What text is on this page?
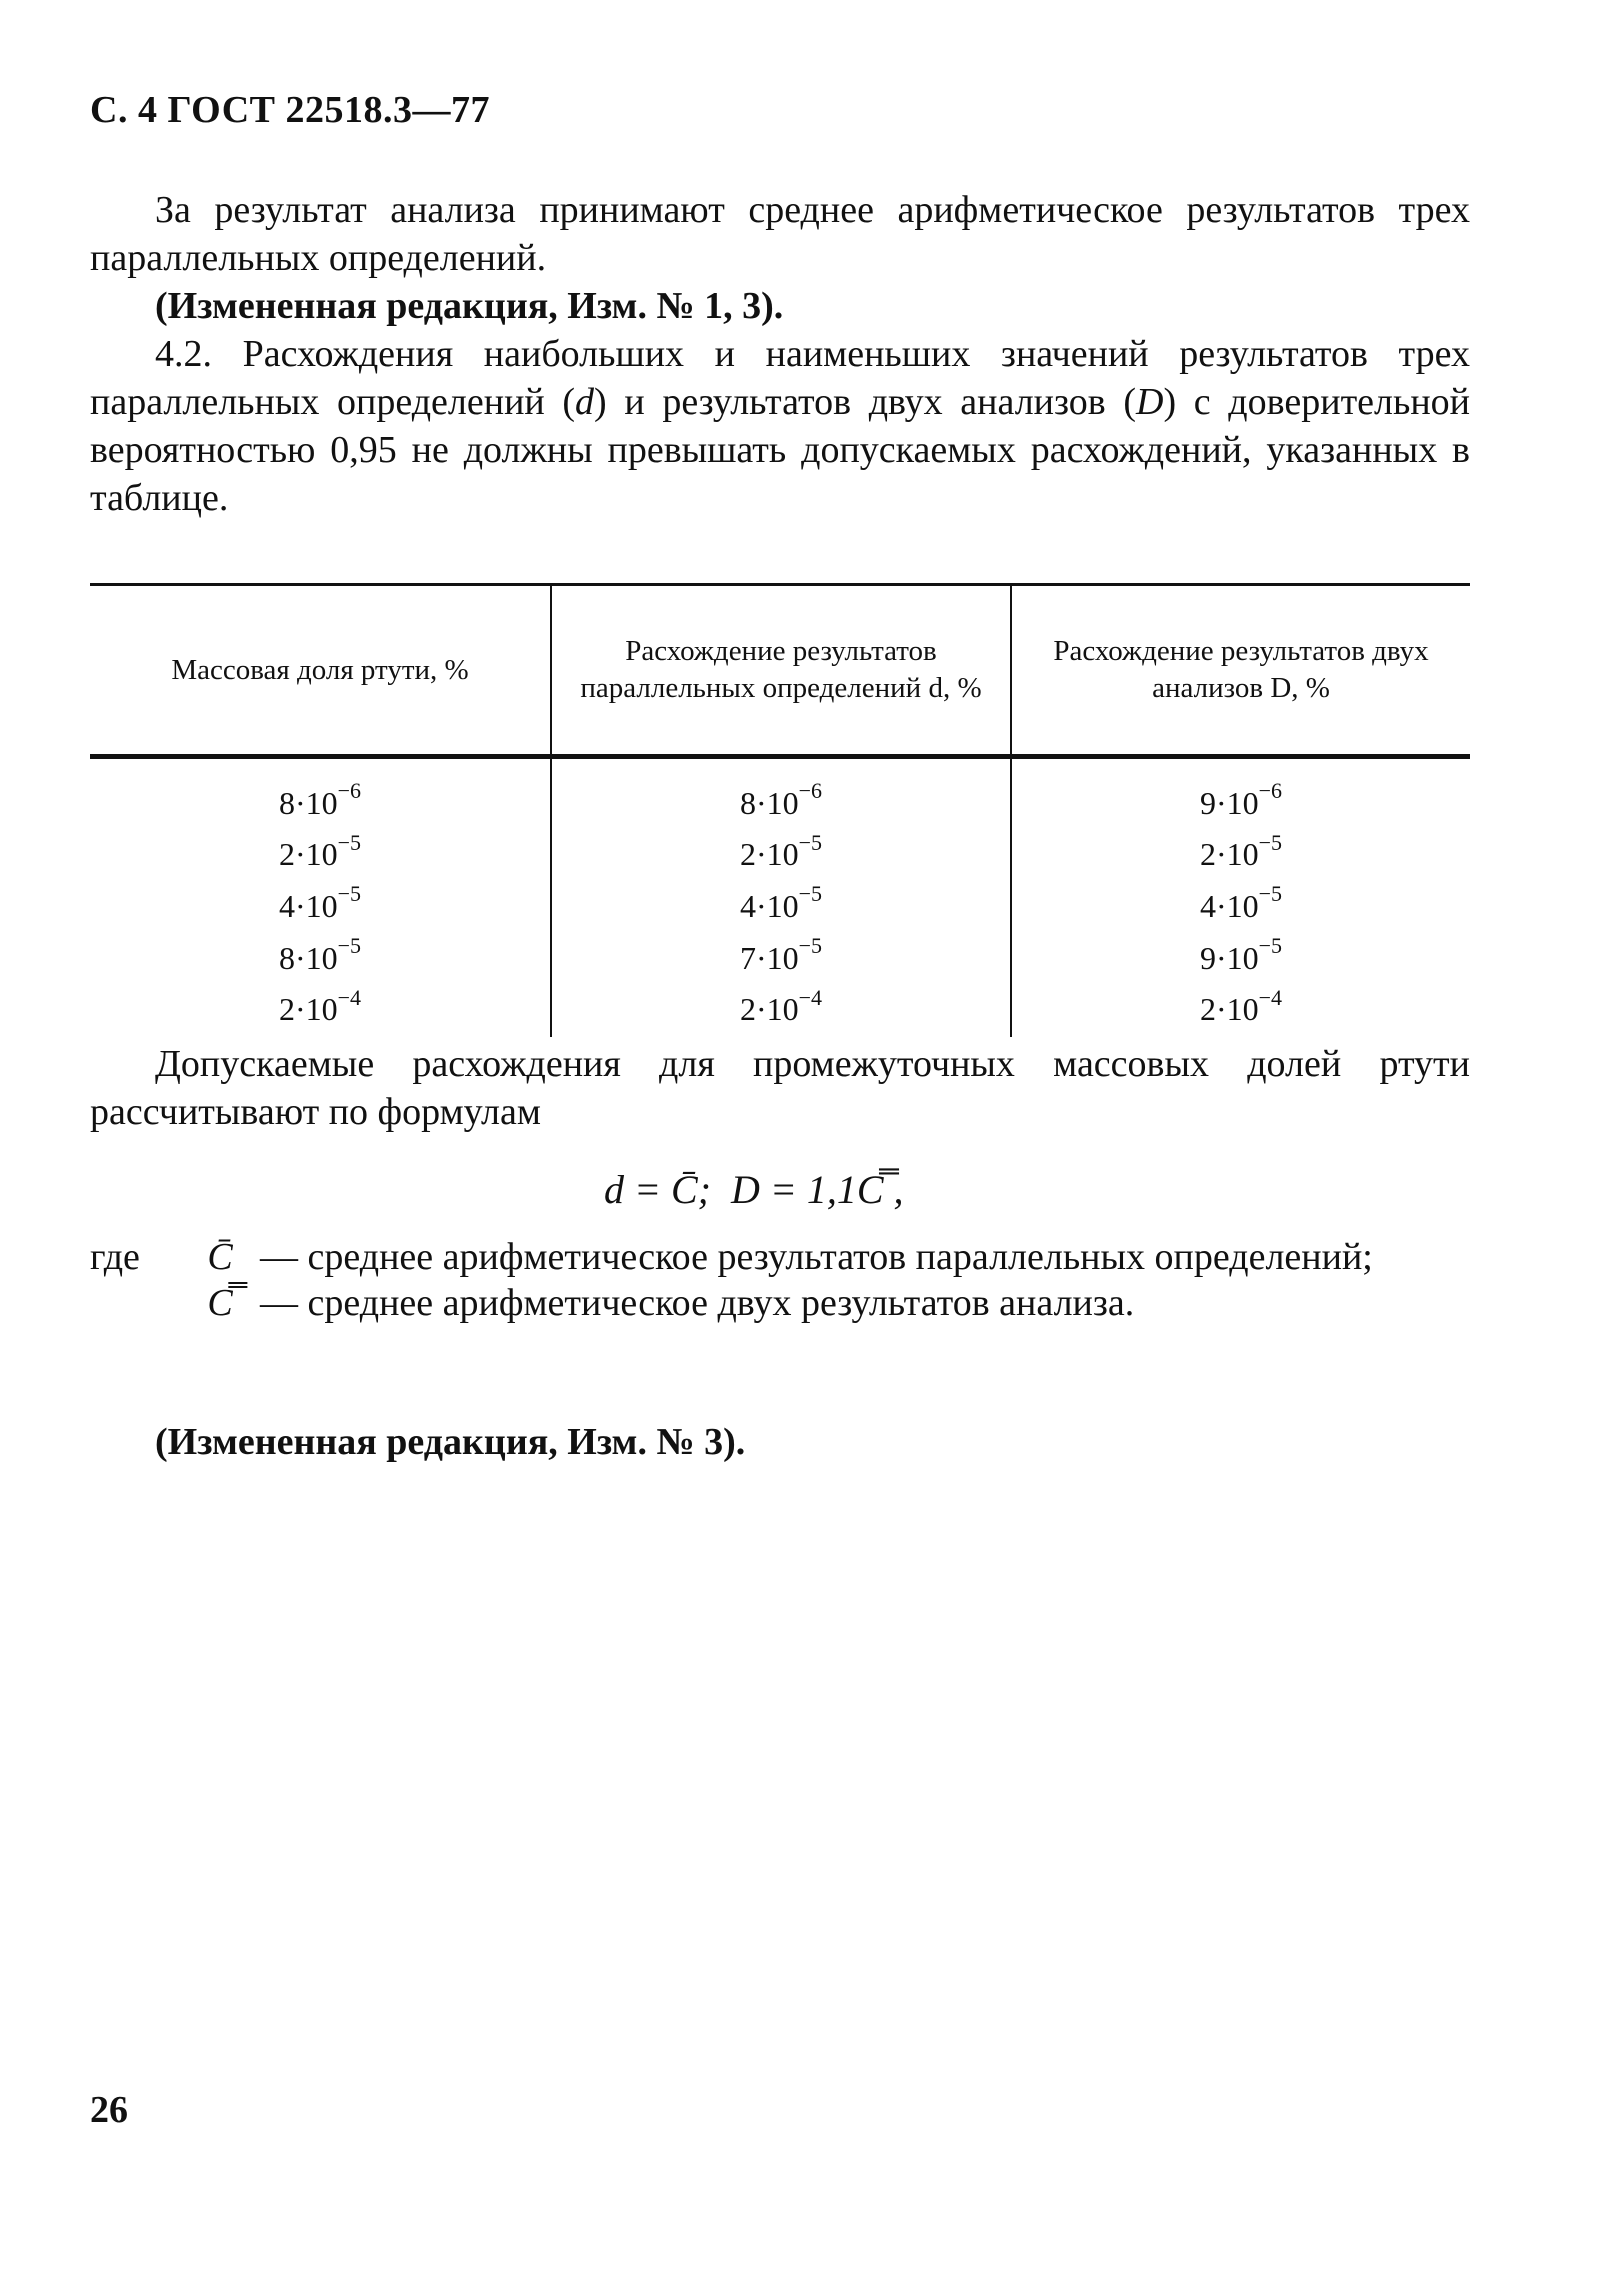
С. 4 ГОСТ 22518.3—77
За результат анализа принимают среднее арифметическое результатов трех параллельных определений.
(Измененная редакция, Изм. № 1, 3).
4.2. Расхождения наибольших и наименьших значений результатов трех параллельных определений (d) и результатов двух анализов (D) с доверительной вероятностью 0,95 не должны превышать допускаемых расхождений, указанных в таблице.
Массовая доля ртути, %	Расхождение результатов параллельных определений d, %	Расхождение результатов двух анализов D, %
$8\cdot 10^{-6}$	$8\cdot 10^{-6}$	$9\cdot 10^{-6}$
$2\cdot 10^{-5}$	$2\cdot 10^{-5}$	$2\cdot 10^{-5}$
$4\cdot 10^{-5}$	$4\cdot 10^{-5}$	$4\cdot 10^{-5}$
$8\cdot 10^{-5}$	$7\cdot 10^{-5}$	$9\cdot 10^{-5}$
$2\cdot 10^{-4}$	$2\cdot 10^{-4}$	$2\cdot 10^{-4}$
Допускаемые расхождения для промежуточных массовых долей ртути рассчитывают по формулам
d = C̄;  D = 1,1C̿ ,
где	C̄ — среднее арифметическое результатов параллельных определений;
C̿ — среднее арифметическое двух результатов анализа.
(Измененная редакция, Изм. № 3).
26
